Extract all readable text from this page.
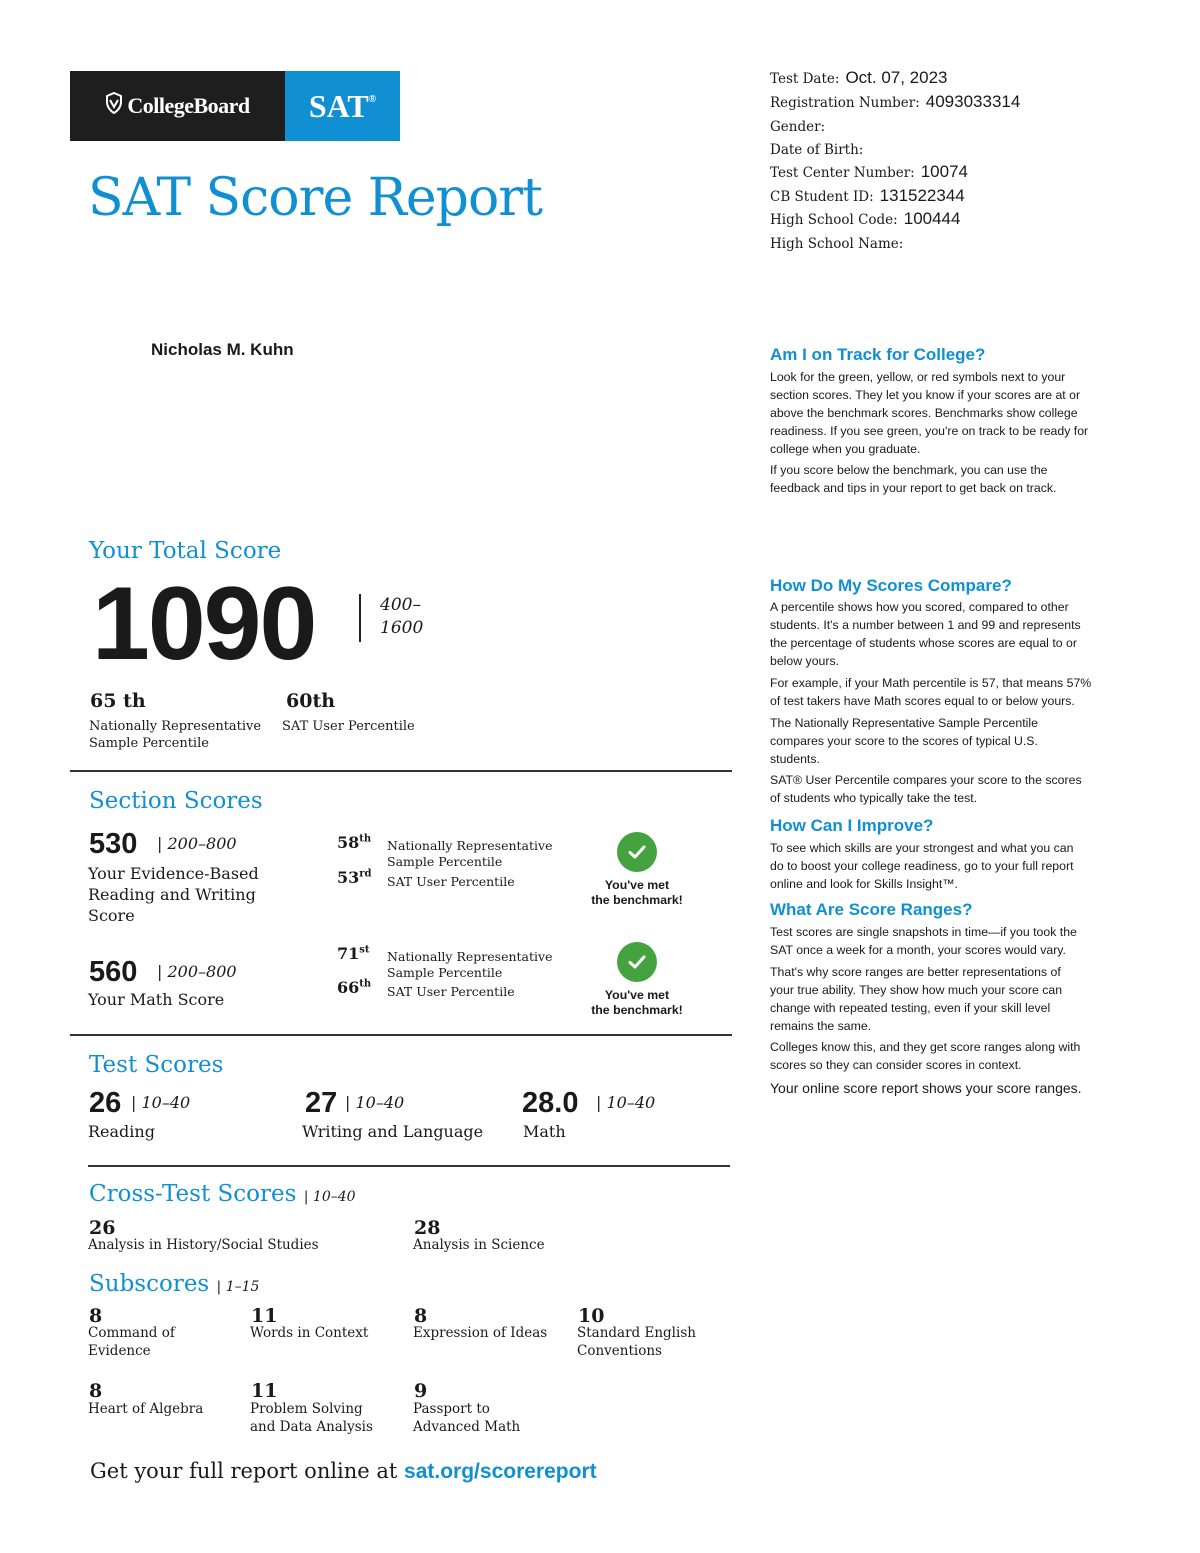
CollegeBoard SAT®
SAT Score Report
Test Date: Oct. 07, 2023
Registration Number: 4093033314
Gender:
Date of Birth:
Test Center Number: 10074
CB Student ID: 131522344
High School Code: 100444
High School Name:
Nicholas M. Kuhn
Your Total Score
1090	400–
1600
65 th
Nationally Representative
Sample Percentile
60th
SAT User Percentile
Section Scores
530 | 200–800
Your Evidence-Based
Reading and Writing
Score
58th Nationally Representative
Sample Percentile
53rd SAT User Percentile	You've met
the benchmark!
560 | 200–800
Your Math Score
71st Nationally Representative
Sample Percentile
66th SAT User Percentile	You've met
the benchmark!
Test Scores
26 | 10–40
Reading
27 | 10–40
Writing and Language
28.0 | 10–40
Math
Cross-Test Scores | 10–40
26
Analysis in History/Social Studies
28
Analysis in Science
Subscores | 1–15
8
Command of
Evidence
11
Words in Context
8
Expression of Ideas
10
Standard English
Conventions
8
Heart of Algebra
11
Problem Solving
and Data Analysis
9
Passport to
Advanced Math
Get your full report online at sat.org/scorereport
Am I on Track for College?
Look for the green, yellow, or red symbols next to your
section scores. They let you know if your scores are at or
above the benchmark scores. Benchmarks show college
readiness. If you see green, you're on track to be ready for
college when you graduate.
If you score below the benchmark, you can use the
feedback and tips in your report to get back on track.
How Do My Scores Compare?
A percentile shows how you scored, compared to other
students. It's a number between 1 and 99 and represents
the percentage of students whose scores are equal to or
below yours.
For example, if your Math percentile is 57, that means 57%
of test takers have Math scores equal to or below yours.
The Nationally Representative Sample Percentile
compares your score to the scores of typical U.S.
students.
SAT® User Percentile compares your score to the scores
of students who typically take the test.
How Can I Improve?
To see which skills are your strongest and what you can
do to boost your college readiness, go to your full report
online and look for Skills Insight™.
What Are Score Ranges?
Test scores are single snapshots in time—if you took the
SAT once a week for a month, your scores would vary.
That's why score ranges are better representations of
your true ability. They show how much your score can
change with repeated testing, even if your skill level
remains the same.
Colleges know this, and they get score ranges along with
scores so they can consider scores in context.
Your online score report shows your score ranges.
